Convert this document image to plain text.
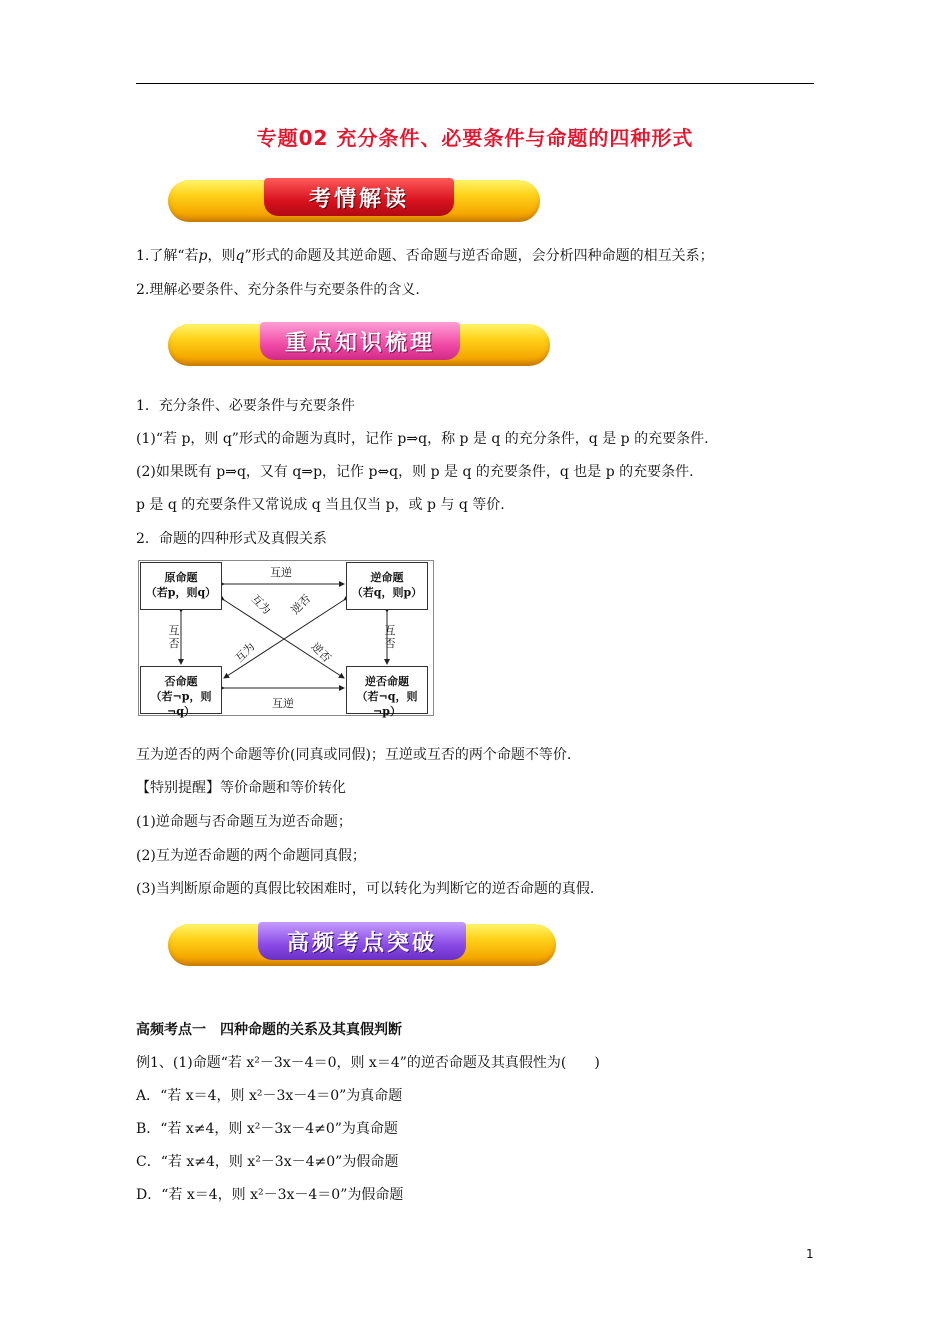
专题02 充分条件、必要条件与命题的四种形式
考情解读
1.了解“若p，则q”形式的命题及其逆命题、否命题与逆否命题，会分析四种命题的相互关系；
2.理解必要条件、充分条件与充要条件的含义.
重点知识梳理
1．充分条件、必要条件与充要条件
(1)“若 p，则 q”形式的命题为真时，记作 p⇒q，称 p 是 q 的充分条件，q 是 p 的充要条件.
(2)如果既有 p⇒q，又有 q⇒p，记作 p⇔q，则 p 是 q 的充要条件，q 也是 p 的充要条件.
p 是 q 的充要条件又常说成 q 当且仅当 p，或 p 与 q 等价.
2．命题的四种形式及真假关系
原命题
（若p，则q）
逆命题
（若q，则p）
否命题
（若¬p，则¬q）
逆否命题
（若¬q，则¬p）
互逆
互逆
互
否
互
否
互为 逆否
互为	逆否
互为逆否的两个命题等价(同真或同假)；互逆或互否的两个命题不等价.
【特别提醒】等价命题和等价转化
(1)逆命题与否命题互为逆否命题；
(2)互为逆否命题的两个命题同真假；
(3)当判断原命题的真假比较困难时，可以转化为判断它的逆否命题的真假.
高频考点突破
高频考点一　四种命题的关系及其真假判断
例1、(1)命题“若 x²－3x－4＝0，则 x＝4”的逆否命题及其真假性为(　　)
A．“若 x＝4，则 x²－3x－4＝0”为真命题
B．“若 x≠4，则 x²－3x－4≠0”为真命题
C．“若 x≠4，则 x²－3x－4≠0”为假命题
D．“若 x＝4，则 x²－3x－4＝0”为假命题
1
